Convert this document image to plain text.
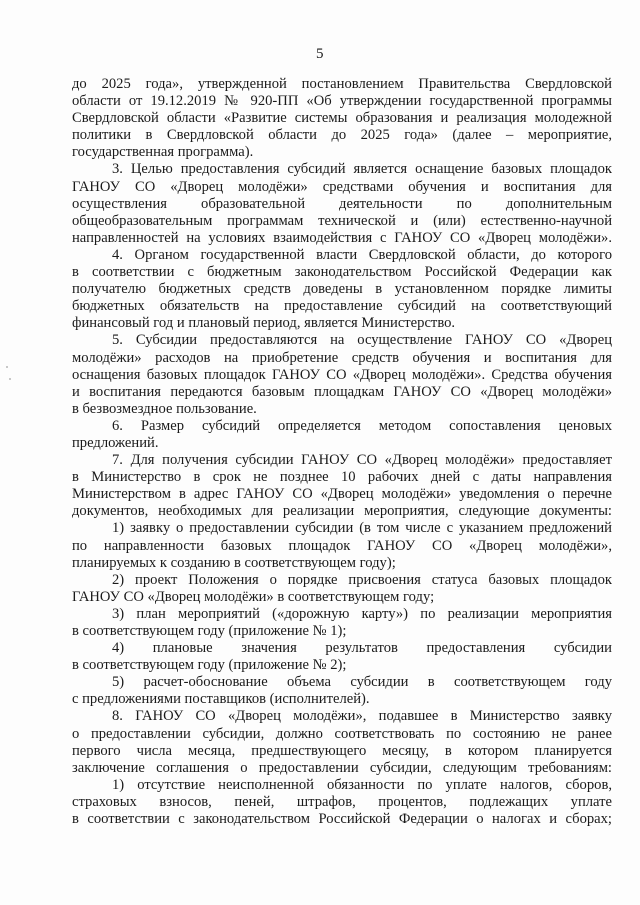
5
до 2025 года», утвержденной постановлением Правительства Свердловской
области от 19.12.2019 № 920-ПП «Об утверждении государственной программы
Свердловской области «Развитие системы образования и реализация молодежной
политики в Свердловской области до 2025 года» (далее – мероприятие,
государственная программа).
3. Целью предоставления субсидий является оснащение базовых площадок
ГАНОУ СО «Дворец молодёжи» средствами обучения и воспитания для
осуществления образовательной деятельности по дополнительным
общеобразовательным программам технической и (или) естественно-научной
направленностей на условиях взаимодействия с ГАНОУ СО «Дворец молодёжи».
4. Органом государственной власти Свердловской области, до которого
в соответствии с бюджетным законодательством Российской Федерации как
получателю бюджетных средств доведены в установленном порядке лимиты
бюджетных обязательств на предоставление субсидий на соответствующий
финансовый год и плановый период, является Министерство.
5. Субсидии предоставляются на осуществление ГАНОУ СО «Дворец
молодёжи» расходов на приобретение средств обучения и воспитания для
оснащения базовых площадок ГАНОУ СО «Дворец молодёжи». Средства обучения
и воспитания передаются базовым площадкам ГАНОУ СО «Дворец молодёжи»
в безвозмездное пользование.
6. Размер субсидий определяется методом сопоставления ценовых
предложений.
7. Для получения субсидии ГАНОУ СО «Дворец молодёжи» предоставляет
в Министерство в срок не позднее 10 рабочих дней с даты направления
Министерством в адрес ГАНОУ СО «Дворец молодёжи» уведомления о перечне
документов, необходимых для реализации мероприятия, следующие документы:
1) заявку о предоставлении субсидии (в том числе с указанием предложений
по направленности базовых площадок ГАНОУ СО «Дворец молодёжи»,
планируемых к созданию в соответствующем году);
2) проект Положения о порядке присвоения статуса базовых площадок
ГАНОУ СО «Дворец молодёжи» в соответствующем году;
3) план мероприятий («дорожную карту») по реализации мероприятия
в соответствующем году (приложение № 1);
4) плановые значения результатов предоставления субсидии
в соответствующем году (приложение № 2);
5) расчет-обоснование объема субсидии в соответствующем году
с предложениями поставщиков (исполнителей).
8. ГАНОУ СО «Дворец молодёжи», подавшее в Министерство заявку
о предоставлении субсидии, должно соответствовать по состоянию не ранее
первого числа месяца, предшествующего месяцу, в котором планируется
заключение соглашения о предоставлении субсидии, следующим требованиям:
1) отсутствие неисполненной обязанности по уплате налогов, сборов,
страховых взносов, пеней, штрафов, процентов, подлежащих уплате
в соответствии с законодательством Российской Федерации о налогах и сборах;
